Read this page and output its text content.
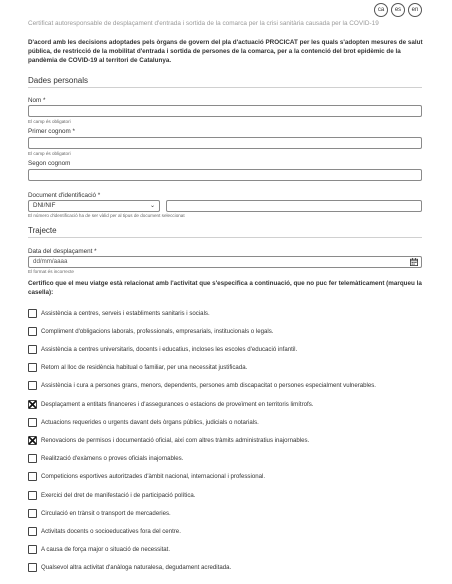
ca	es	en
Certificat autoresponsable de desplaçament d'entrada i sortida de la comarca per la crisi sanitària causada per la COVID-19
D'acord amb les decisions adoptades pels òrgans de govern del pla d'actuació PROCICAT per les quals s'adopten mesures de salut pública, de restricció de la mobilitat d'entrada i sortida de persones de la comarca, per a la contenció del brot epidèmic de la pandèmia de COVID-19 al territori de Catalunya.
Dades personals
Nom *
El camp és obligatori
Primer cognom *
El camp és obligatori
Segon cognom
Document d'identificació *
DNI/NIF	⌄
El número d'identificació ha de ser vàlid per al tipus de document seleccionat
Trajecte
Data del desplaçament *
dd/mm/aaaa
El format és incorrecte
Certifico que el meu viatge està relacionat amb l'activitat que s'especifica a continuació, que no puc fer telemàticament (marqueu la casella):
Assistència a centres, serveis i establiments sanitaris i socials.
Compliment d'obligacions laborals, professionals, empresarials, institucionals o legals.
Assistència a centres universitaris, docents i educatius, incloses les escoles d'educació infantil.
Retorn al lloc de residència habitual o familiar, per una necessitat justificada.
Assistència i cura a persones grans, menors, dependents, persones amb discapacitat o persones especialment vulnerables.
Desplaçament a entitats financeres i d'assegurances o estacions de proveïment en territoris limítrofs.
Actuacions requerides o urgents davant dels òrgans públics, judicials o notarials.
Renovacions de permisos i documentació oficial, així com altres tràmits administratius inajornables.
Realització d'exàmens o proves oficials inajornables.
Competicions esportives autoritzades d'àmbit nacional, internacional i professional.
Exercici del dret de manifestació i de participació política.
Circulació en trànsit o transport de mercaderies.
Activitats docents o socioeducatives fora del centre.
A causa de força major o situació de necessitat.
Qualsevol altra activitat d'anàloga naturalesa, degudament acreditada.
